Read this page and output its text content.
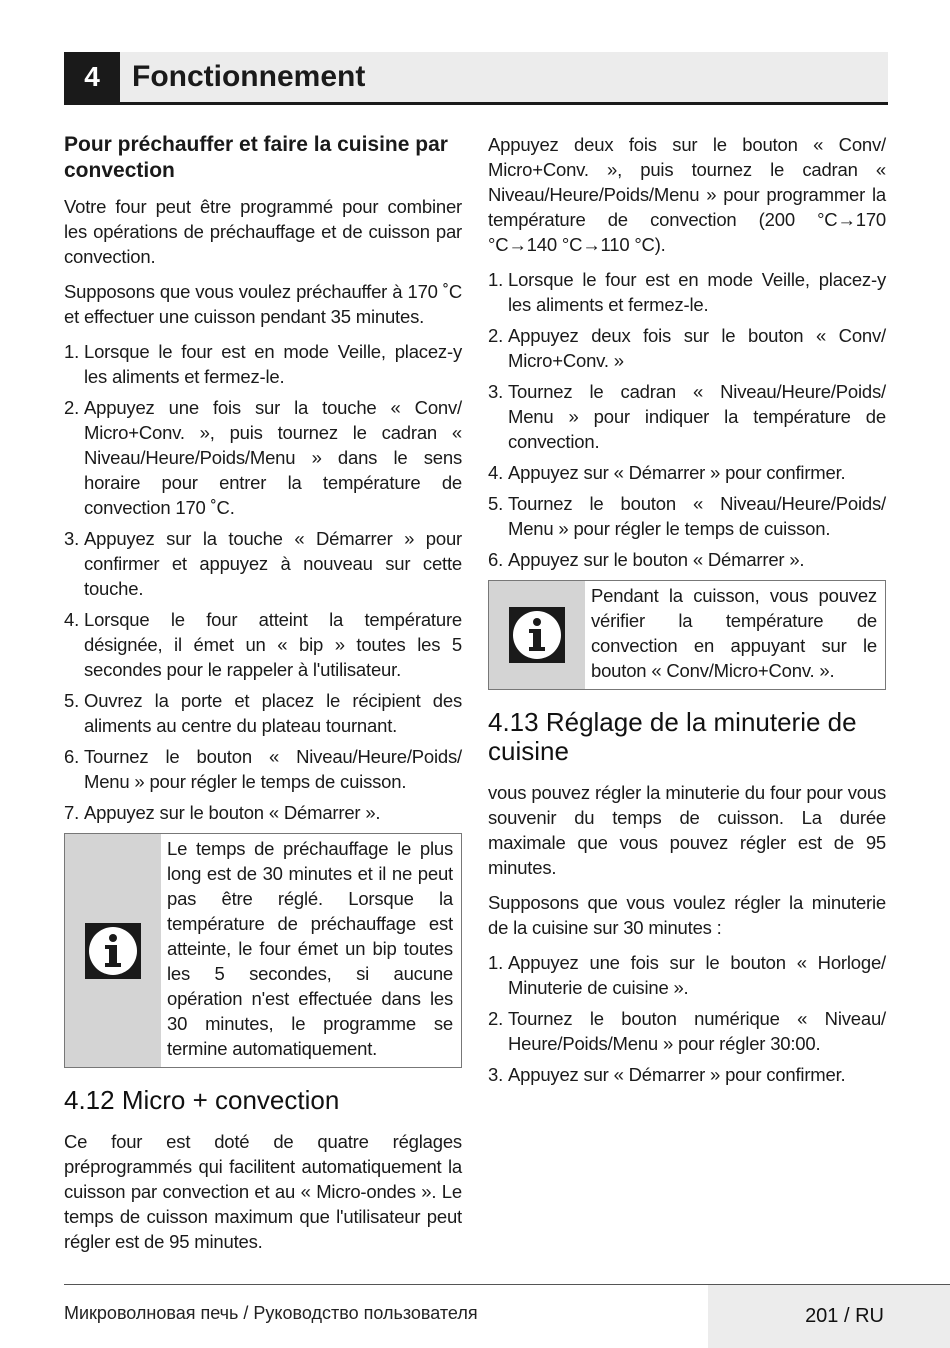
4	Fonctionnement
Pour préchauffer et faire la cuisine par convection

Votre four peut être programmé pour combiner les opérations de préchauffage et de cuisson par convection.

Supposons que vous voulez préchauffer à 170 ˚C et effectuer une cuisson pendant 35 minutes.

1. Lorsque le four est en mode Veille, placez-y les aliments et fermez-le.
2. Appuyez une fois sur la touche « Conv/ Micro+Conv. », puis tournez le cadran « Niveau/Heure/Poids/Menu » dans le sens horaire pour entrer la température de convection 170 ˚C.
3. Appuyez sur la touche « Démarrer » pour confirmer et appuyez à nouveau sur cette touche.
4. Lorsque le four atteint la température désignée, il émet un « bip » toutes les 5 secondes pour le rappeler à l'utilisateur.
5. Ouvrez la porte et placez le récipient des aliments au centre du plateau tournant.
6. Tournez le bouton « Niveau/Heure/Poids/ Menu » pour régler le temps de cuisson.
7. Appuyez sur le bouton « Démarrer ».
Le temps de préchauffage le plus long est de 30 minutes et il ne peut pas être réglé. Lorsque la température de préchauffage est atteinte, le four émet un bip toutes les 5 secondes, si aucune opération n'est effectuée dans les 30 minutes, le programme se termine automatiquement.
4.12 Micro + convection

Ce four est doté de quatre réglages préprogrammés qui facilitent automatiquement la cuisson par convection et au « Micro-ondes ». Le temps de cuisson maximum que l'utilisateur peut régler est de 95 minutes.

Appuyez deux fois sur le bouton « Conv/ Micro+Conv. », puis tournez le cadran « Niveau/Heure/Poids/Menu » pour programmer la température de convection (200 °C→170 °C→140 °C→110 °C).

1. Lorsque le four est en mode Veille, placez-y les aliments et fermez-le.
2. Appuyez deux fois sur le bouton « Conv/ Micro+Conv. »
3. Tournez le cadran « Niveau/Heure/Poids/ Menu » pour indiquer la température de convection.
4. Appuyez sur « Démarrer » pour confirmer.
5. Tournez le bouton « Niveau/Heure/Poids/ Menu » pour régler le temps de cuisson.
6. Appuyez sur le bouton « Démarrer ».
Pendant la cuisson, vous pouvez vérifier la température de convection en appuyant sur le bouton « Conv/Micro+Conv. ».
4.13 Réglage de la minuterie de cuisine

vous pouvez régler la minuterie du four pour vous souvenir du temps de cuisson. La durée maximale que vous pouvez régler est de 95 minutes.

Supposons que vous voulez régler la minuterie de la cuisine sur 30 minutes :

1. Appuyez une fois sur le bouton « Horloge/ Minuterie de cuisine ».
2. Tournez le bouton numérique « Niveau/ Heure/Poids/Menu » pour régler 30:00.
3. Appuyez sur « Démarrer » pour confirmer.
Микроволновая печь / Руководство пользователя	201 / RU
